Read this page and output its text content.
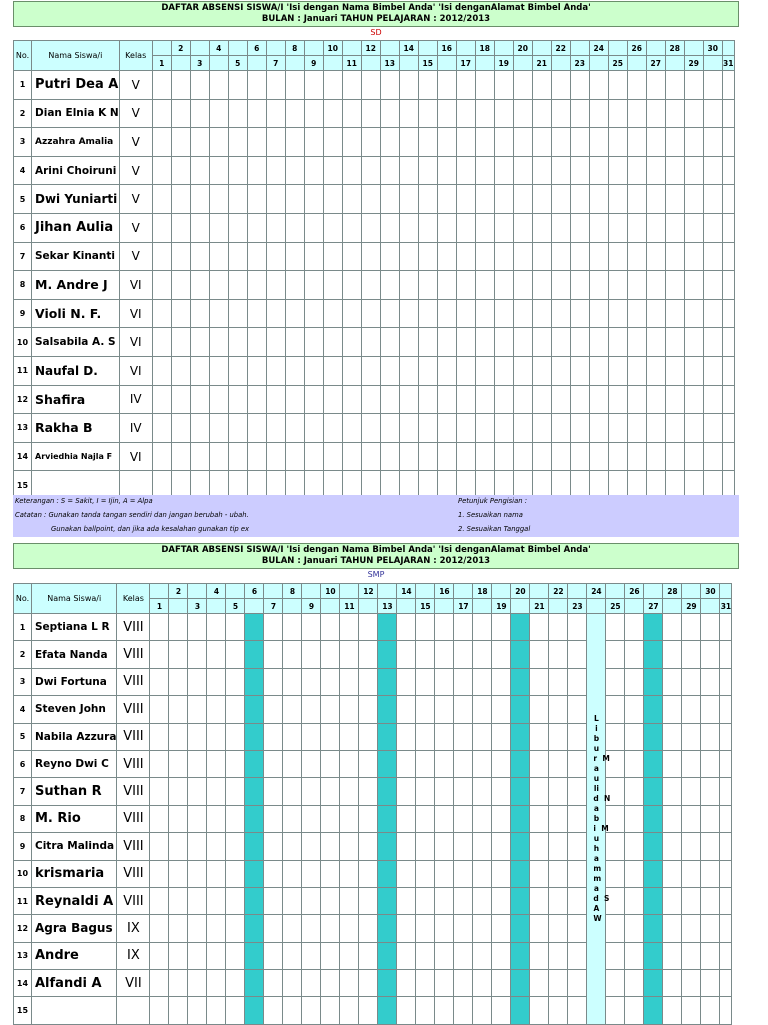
DAFTAR ABSENSI SISWA/I 'Isi dengan Nama Bimbel Anda' 'Isi denganAlamat Bimbel Anda'
BULAN : Januari TAHUN PELAJARAN : 2012/2013
SD
No.	Nama Siswa/i	Kelas		2		4		6		8		10		12		14		16		18		20		22		24		26		28		30	
			1		3		5		7		9		11		13		15		17		19		21		23		25		27		29		31
1	Putri Dea A	V																															
2	Dian Elnia K N	V																															
3	Azzahra Amalia	V																															
4	Arini Choiruni	V																															
5	Dwi Yuniarti	V																															
6	Jihan Aulia	V																															
7	Sekar Kinanti	V																															
8	M. Andre J	VI																															
9	Violi N. F.	VI																															
10	Salsabila A. S	VI																															
11	Naufal D.	VI																															
12	Shafira	IV																															
13	Rakha B	IV																															
14	Arviedhia Najla F	VI																															
15																																	
Keterangan : S = Sakit, I = Ijin, A = Alpa
Catatan : Gunakan tanda tangan sendiri dan jangan berubah - ubah.
Gunakan ballpoint, dan jika ada kesalahan gunakan tip ex
Petunjuk Pengisian :
1. Sesuaikan nama
2. Sesuaikan Tanggal
DAFTAR ABSENSI SISWA/I 'Isi dengan Nama Bimbel Anda' 'Isi denganAlamat Bimbel Anda'
BULAN : Januari TAHUN PELAJARAN : 2012/2013
SMP
No.	Nama Siswa/i	Kelas		2		4		6		8		10		12		14		16		18		20		22		24		26		28		30	
			1		3		5		7		9		11		13		15		17		19		21		23		25		27		29		31
1	Septiana L R	VIII																								Libur  Maulid  Nabi  Muhammad  SAW							

2	Efata Nanda	VIII																															
3	Dwi Fortuna	VIII																															
4	Steven John	VIII																															
5	Nabila Azzura	VIII																															
6	Reyno Dwi C	VIII																															
7	Suthan R	VIII																															
8	M. Rio	VIII																															
9	Citra Malinda	VIII																															
10	krismaria	VIII																															
11	Reynaldi A	VIII																															
12	Agra Bagus	IX																															
13	Andre	IX																															
14	Alfandi A	VII																															
15																																	
